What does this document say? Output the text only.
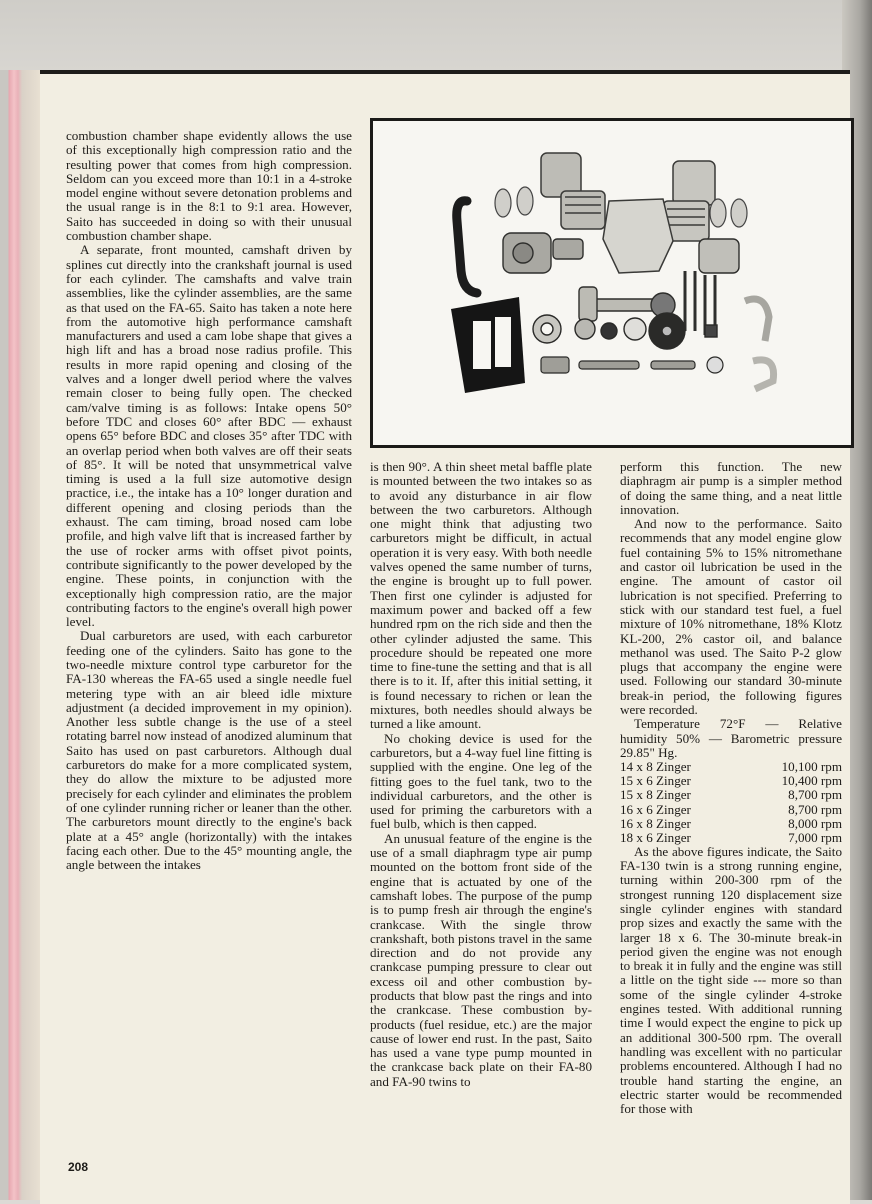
combustion chamber shape evidently allows the use of this exceptionally high compression ratio and the resulting power that comes from high compression. Seldom can you exceed more than 10:1 in a 4-stroke model engine without severe detonation problems and the usual range is in the 8:1 to 9:1 area. However, Saito has succeeded in doing so with their unusual combustion chamber shape.

A separate, front mounted, camshaft driven by splines cut directly into the crankshaft journal is used for each cylinder. The camshafts and valve train assemblies, like the cylinder assemblies, are the same as that used on the FA-65. Saito has taken a note here from the automotive high performance camshaft manufacturers and used a cam lobe shape that gives a high lift and has a broad nose radius profile. This results in more rapid opening and closing of the valves and a longer dwell period where the valves remain closer to being fully open. The checked cam/valve timing is as follows: Intake opens 50° before TDC and closes 60° after BDC — exhaust opens 65° before BDC and closes 35° after TDC with an overlap period when both valves are off their seats of 85°. It will be noted that unsymmetrical valve timing is used a la full size automotive design practice, i.e., the intake has a 10° longer duration and different opening and closing periods than the exhaust. The cam timing, broad nosed cam lobe profile, and high valve lift that is increased farther by the use of rocker arms with offset pivot points, contribute significantly to the power developed by the engine. These points, in conjunction with the exceptionally high compression ratio, are the major contributing factors to the engine's overall high power level.

Dual carburetors are used, with each carburetor feeding one of the cylinders. Saito has gone to the two-needle mixture control type carburetor for the FA-130 whereas the FA-65 used a single needle fuel metering type with an air bleed idle mixture adjustment (a decided improvement in my opinion). Another less subtle change is the use of a steel rotating barrel now instead of anodized aluminum that Saito has used on past carburetors. Although dual carburetors do make for a more complicated system, they do allow the mixture to be adjusted more precisely for each cylinder and eliminates the problem of one cylinder running richer or leaner than the other. The carburetors mount directly to the engine's back plate at a 45° angle (horizontally) with the intakes facing each other. Due to the 45° mounting angle, the angle between the intakes

is then 90°. A thin sheet metal baffle plate is mounted between the two intakes so as to avoid any disturbance in air flow between the two carburetors. Although one might think that adjusting two carburetors might be difficult, in actual operation it is very easy. With both needle valves opened the same number of turns, the engine is brought up to full power. Then first one cylinder is adjusted for maximum power and backed off a few hundred rpm on the rich side and then the other cylinder adjusted the same. This procedure should be repeated one more time to fine-tune the setting and that is all there is to it. If, after this initial setting, it is found necessary to richen or lean the mixtures, both needles should always be turned a like amount.

No choking device is used for the carburetors, but a 4-way fuel line fitting is supplied with the engine. One leg of the fitting goes to the fuel tank, two to the individual carburetors, and the other is used for priming the carburetors with a fuel bulb, which is then capped.

An unusual feature of the engine is the use of a small diaphragm type air pump mounted on the bottom front side of the engine that is actuated by one of the camshaft lobes. The purpose of the pump is to pump fresh air through the engine's crankcase. With the single throw crankshaft, both pistons travel in the same direction and do not provide any crankcase pumping pressure to clear out excess oil and other combustion by-products that blow past the rings and into the crankcase. These combustion by-products (fuel residue, etc.) are the major cause of lower end rust. In the past, Saito has used a vane type pump mounted in the crankcase back plate on their FA-80 and FA-90 twins to

perform this function. The new diaphragm air pump is a simpler method of doing the same thing, and a neat little innovation.

And now to the performance. Saito recommends that any model engine glow fuel containing 5% to 15% nitromethane and castor oil lubrication be used in the engine. The amount of castor oil lubrication is not specified. Preferring to stick with our standard test fuel, a fuel mixture of 10% nitromethane, 18% Klotz KL-200, 2% castor oil, and balance methanol was used. The Saito P-2 glow plugs that accompany the engine were used. Following our standard 30-minute break-in period, the following figures were recorded.

Temperature 72°F — Relative humidity 50% — Barometric pressure 29.85" Hg.

14 x 8 Zinger	10,100 rpm
15 x 6 Zinger	10,400 rpm
15 x 8 Zinger	8,700 rpm
16 x 6 Zinger	8,700 rpm
16 x 8 Zinger	8,000 rpm
18 x 6 Zinger	7,000 rpm

As the above figures indicate, the Saito FA-130 twin is a strong running engine, turning within 200-300 rpm of the strongest running 120 displacement size single cylinder engines with standard prop sizes and exactly the same with the larger 18 x 6. The 30-minute break-in period given the engine was not enough to break it in fully and the engine was still a little on the tight side --- more so than some of the single cylinder 4-stroke engines tested. With additional running time I would expect the engine to pick up an additional 300-500 rpm. The overall handling was excellent with no particular problems encountered. Although I had no trouble hand starting the engine, an electric starter would be recommended for those with

208
